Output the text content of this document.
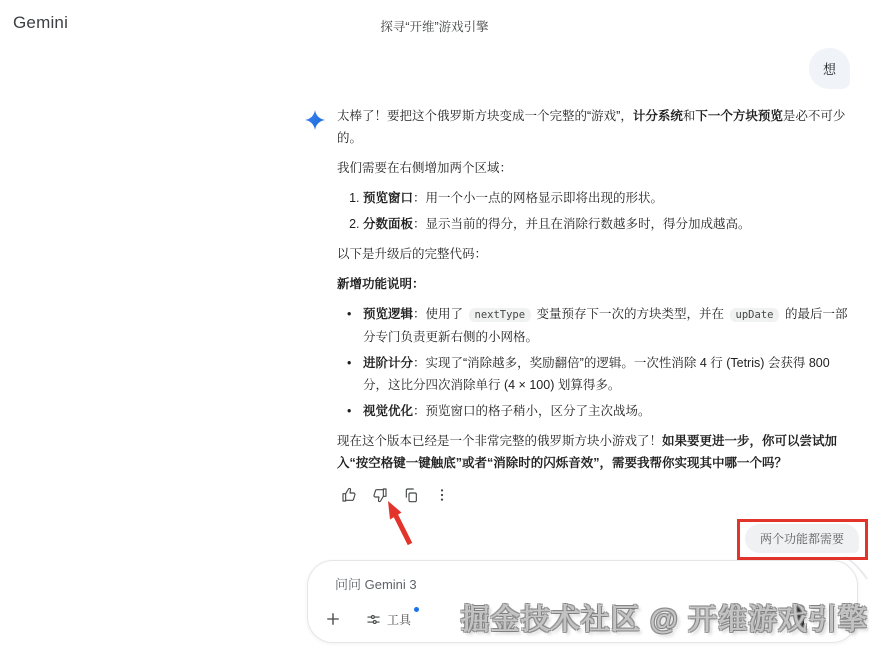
Gemini	探寻“开维”游戏引擎
想

太棒了！要把这个俄罗斯方块变成一个完整的“游戏”，计分系统和下一个方块预览是必不可少的。

我们需要在右侧增加两个区域：

1. 预览窗口：用一个小一点的网格显示即将出现的形状。
2. 分数面板：显示当前的得分，并且在消除行数越多时，得分加成越高。

以下是升级后的完整代码：

新增功能说明：

• 预览逻辑：使用了 nextType 变量预存下一次的方块类型，并在 upDate 的最后一部分专门负责更新右侧的小网格。
• 进阶计分：实现了“消除越多，奖励翻倍”的逻辑。一次性消除 4 行 (Tetris) 会获得 800 分，这比分四次消除单行 (4 × 100) 划算得多。
• 视觉优化：预览窗口的格子稍小，区分了主次战场。

现在这个版本已经是一个非常完整的俄罗斯方块小游戏了！如果要更进一步，你可以尝试加入“按空格键一键触底”或者“消除时的闪烁音效”，需要我帮你实现其中哪一个吗？

两个功能都需要
问问 Gemini 3
工具 掘金技术社区 @ 开维游戏引擎
